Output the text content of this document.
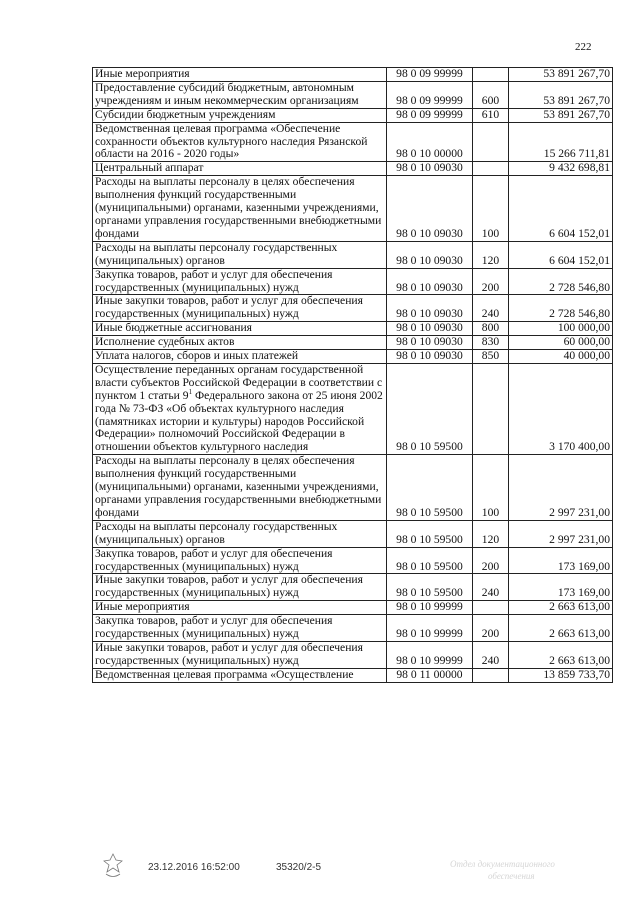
222
Иные мероприятия	98 0 09 99999		53 891 267,70
Предоставление субсидий бюджетным, автономным учреждениям и иным некоммерческим организациям	98 0 09 99999	600	53 891 267,70
Субсидии бюджетным учреждениям	98 0 09 99999	610	53 891 267,70
Ведомственная целевая программа «Обеспечение сохранности объектов культурного наследия Рязанской области на 2016 - 2020 годы»	98 0 10 00000		15 266 711,81
Центральный аппарат	98 0 10 09030		9 432 698,81
Расходы на выплаты персоналу в целях обеспечения выполнения функций государственными (муниципальными) органами, казенными учреждениями, органами управления государственными внебюджетными фондами	98 0 10 09030	100	6 604 152,01
Расходы на выплаты персоналу государственных (муниципальных) органов	98 0 10 09030	120	6 604 152,01
Закупка товаров, работ и услуг для обеспечения государственных (муниципальных) нужд	98 0 10 09030	200	2 728 546,80
Иные закупки товаров, работ и услуг для обеспечения государственных (муниципальных) нужд	98 0 10 09030	240	2 728 546,80
Иные бюджетные ассигнования	98 0 10 09030	800	100 000,00
Исполнение судебных актов	98 0 10 09030	830	60 000,00
Уплата налогов, сборов и иных платежей	98 0 10 09030	850	40 000,00
Осуществление переданных органам государственной власти субъектов Российской Федерации в соответствии с пунктом 1 статьи $9^1$ Федерального закона от 25 июня 2002 года № 73-ФЗ «Об объектах культурного наследия (памятниках истории и культуры) народов Российской Федерации» полномочий Российской Федерации в отношении объектов культурного наследия	98 0 10 59500		3 170 400,00
Расходы на выплаты персоналу в целях обеспечения выполнения функций государственными (муниципальными) органами, казенными учреждениями, органами управления государственными внебюджетными фондами	98 0 10 59500	100	2 997 231,00
Расходы на выплаты персоналу государственных (муниципальных) органов	98 0 10 59500	120	2 997 231,00
Закупка товаров, работ и услуг для обеспечения государственных (муниципальных) нужд	98 0 10 59500	200	173 169,00
Иные закупки товаров, работ и услуг для обеспечения государственных (муниципальных) нужд	98 0 10 59500	240	173 169,00
Иные мероприятия	98 0 10 99999		2 663 613,00
Закупка товаров, работ и услуг для обеспечения государственных (муниципальных) нужд	98 0 10 99999	200	2 663 613,00
Иные закупки товаров, работ и услуг для обеспечения государственных (муниципальных) нужд	98 0 10 99999	240	2 663 613,00
Ведомственная целевая программа «Осуществление	98 0 11 00000		13 859 733,70
23.12.2016 16:52:00	35320/2-5	Отдел документационного
обеспечения
